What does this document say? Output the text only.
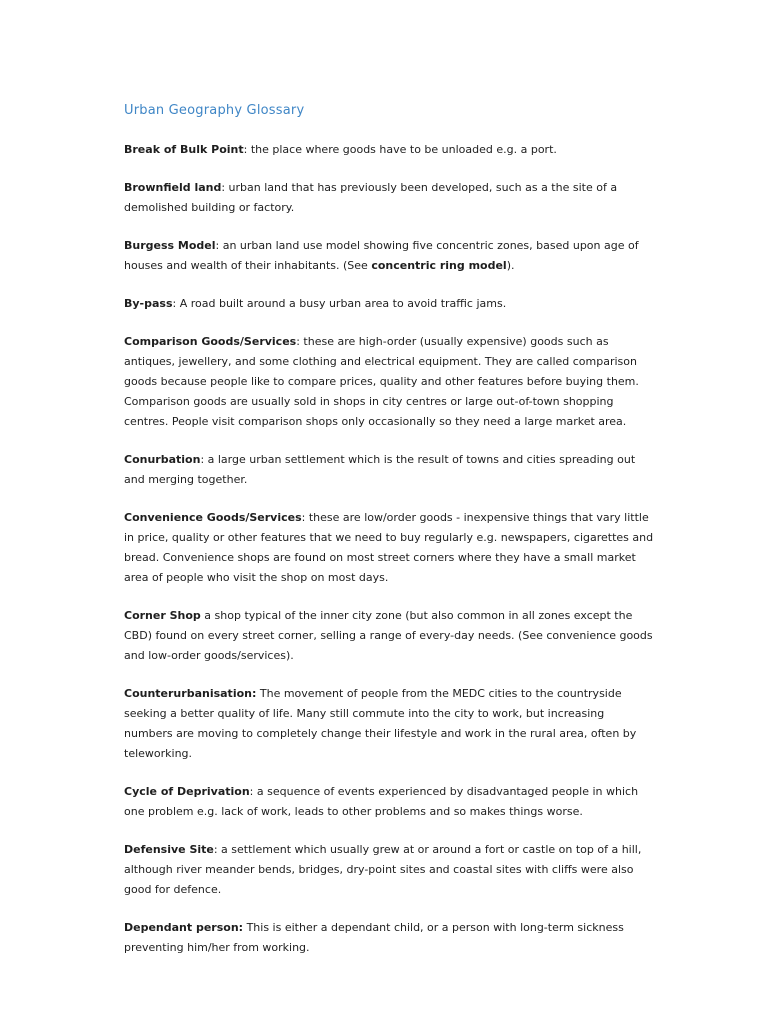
Urban Geography Glossary

Break of Bulk Point: the place where goods have to be unloaded e.g. a port.

Brownfield land: urban land that has previously been developed, such as a the site of a demolished building or factory.

Burgess Model: an urban land use model showing five concentric zones, based upon age of houses and wealth of their inhabitants. (See concentric ring model).

By-pass: A road built around a busy urban area to avoid traffic jams.

Comparison Goods/Services: these are high-order (usually expensive) goods such as antiques, jewellery, and some clothing and electrical equipment. They are called comparison goods because people like to compare prices, quality and other features before buying them. Comparison goods are usually sold in shops in city centres or large out-of-town shopping centres. People visit comparison shops only occasionally so they need a large market area.

Conurbation: a large urban settlement which is the result of towns and cities spreading out and merging together.

Convenience Goods/Services: these are low/order goods - inexpensive things that vary little in price, quality or other features that we need to buy regularly e.g. newspapers, cigarettes and bread. Convenience shops are found on most street corners where they have a small market area of people who visit the shop on most days.

Corner Shop a shop typical of the inner city zone (but also common in all zones except the CBD) found on every street corner, selling a range of every-day needs. (See convenience goods and low-order goods/services).

Counterurbanisation: The movement of people from the MEDC cities to the countryside seeking a better quality of life. Many still commute into the city to work, but increasing numbers are moving to completely change their lifestyle and work in the rural area, often by teleworking.

Cycle of Deprivation: a sequence of events experienced by disadvantaged people in which one problem e.g. lack of work, leads to other problems and so makes things worse.

Defensive Site: a settlement which usually grew at or around a fort or castle on top of a hill, although river meander bends, bridges, dry-point sites and coastal sites with cliffs were also good for defence.

Dependant person: This is either a dependant child, or a person with long-term sickness preventing him/her from working.
